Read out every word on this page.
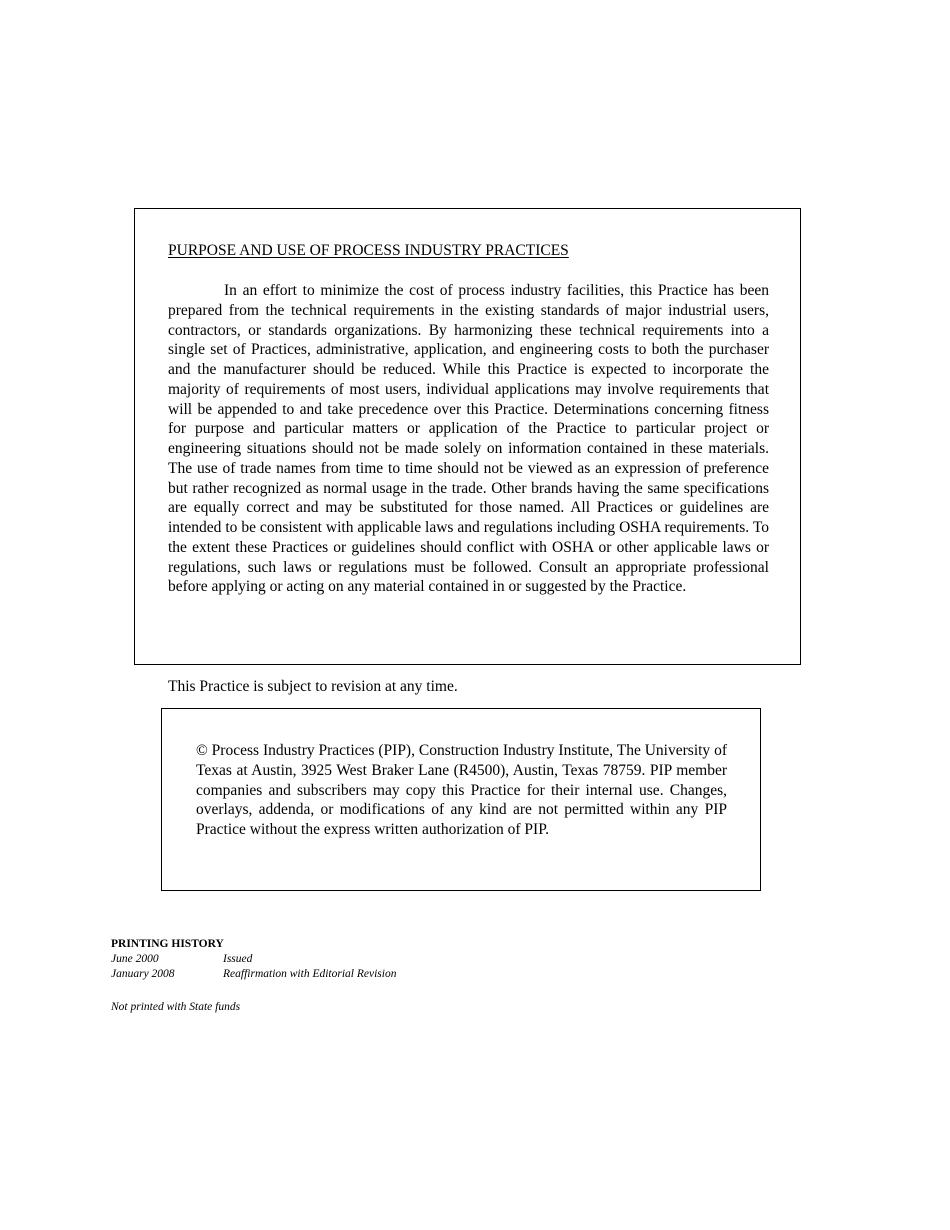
PURPOSE AND USE OF PROCESS INDUSTRY PRACTICES

In an effort to minimize the cost of process industry facilities, this Practice has been prepared from the technical requirements in the existing standards of major industrial users, contractors, or standards organizations. By harmonizing these technical requirements into a single set of Practices, administrative, application, and engineering costs to both the purchaser and the manufacturer should be reduced. While this Practice is expected to incorporate the majority of requirements of most users, individual applications may involve requirements that will be appended to and take precedence over this Practice. Determinations concerning fitness for purpose and particular matters or application of the Practice to particular project or engineering situations should not be made solely on information contained in these materials. The use of trade names from time to time should not be viewed as an expression of preference but rather recognized as normal usage in the trade. Other brands having the same specifications are equally correct and may be substituted for those named. All Practices or guidelines are intended to be consistent with applicable laws and regulations including OSHA requirements. To the extent these Practices or guidelines should conflict with OSHA or other applicable laws or regulations, such laws or regulations must be followed. Consult an appropriate professional before applying or acting on any material contained in or suggested by the Practice.

This Practice is subject to revision at any time.

© Process Industry Practices (PIP), Construction Industry Institute, The University of Texas at Austin, 3925 West Braker Lane (R4500), Austin, Texas 78759. PIP member companies and subscribers may copy this Practice for their internal use. Changes, overlays, addenda, or modifications of any kind are not permitted within any PIP Practice without the express written authorization of PIP.

PRINTING HISTORY
June 2000	Issued
January 2008	Reaffirmation with Editorial Revision

Not printed with State funds
